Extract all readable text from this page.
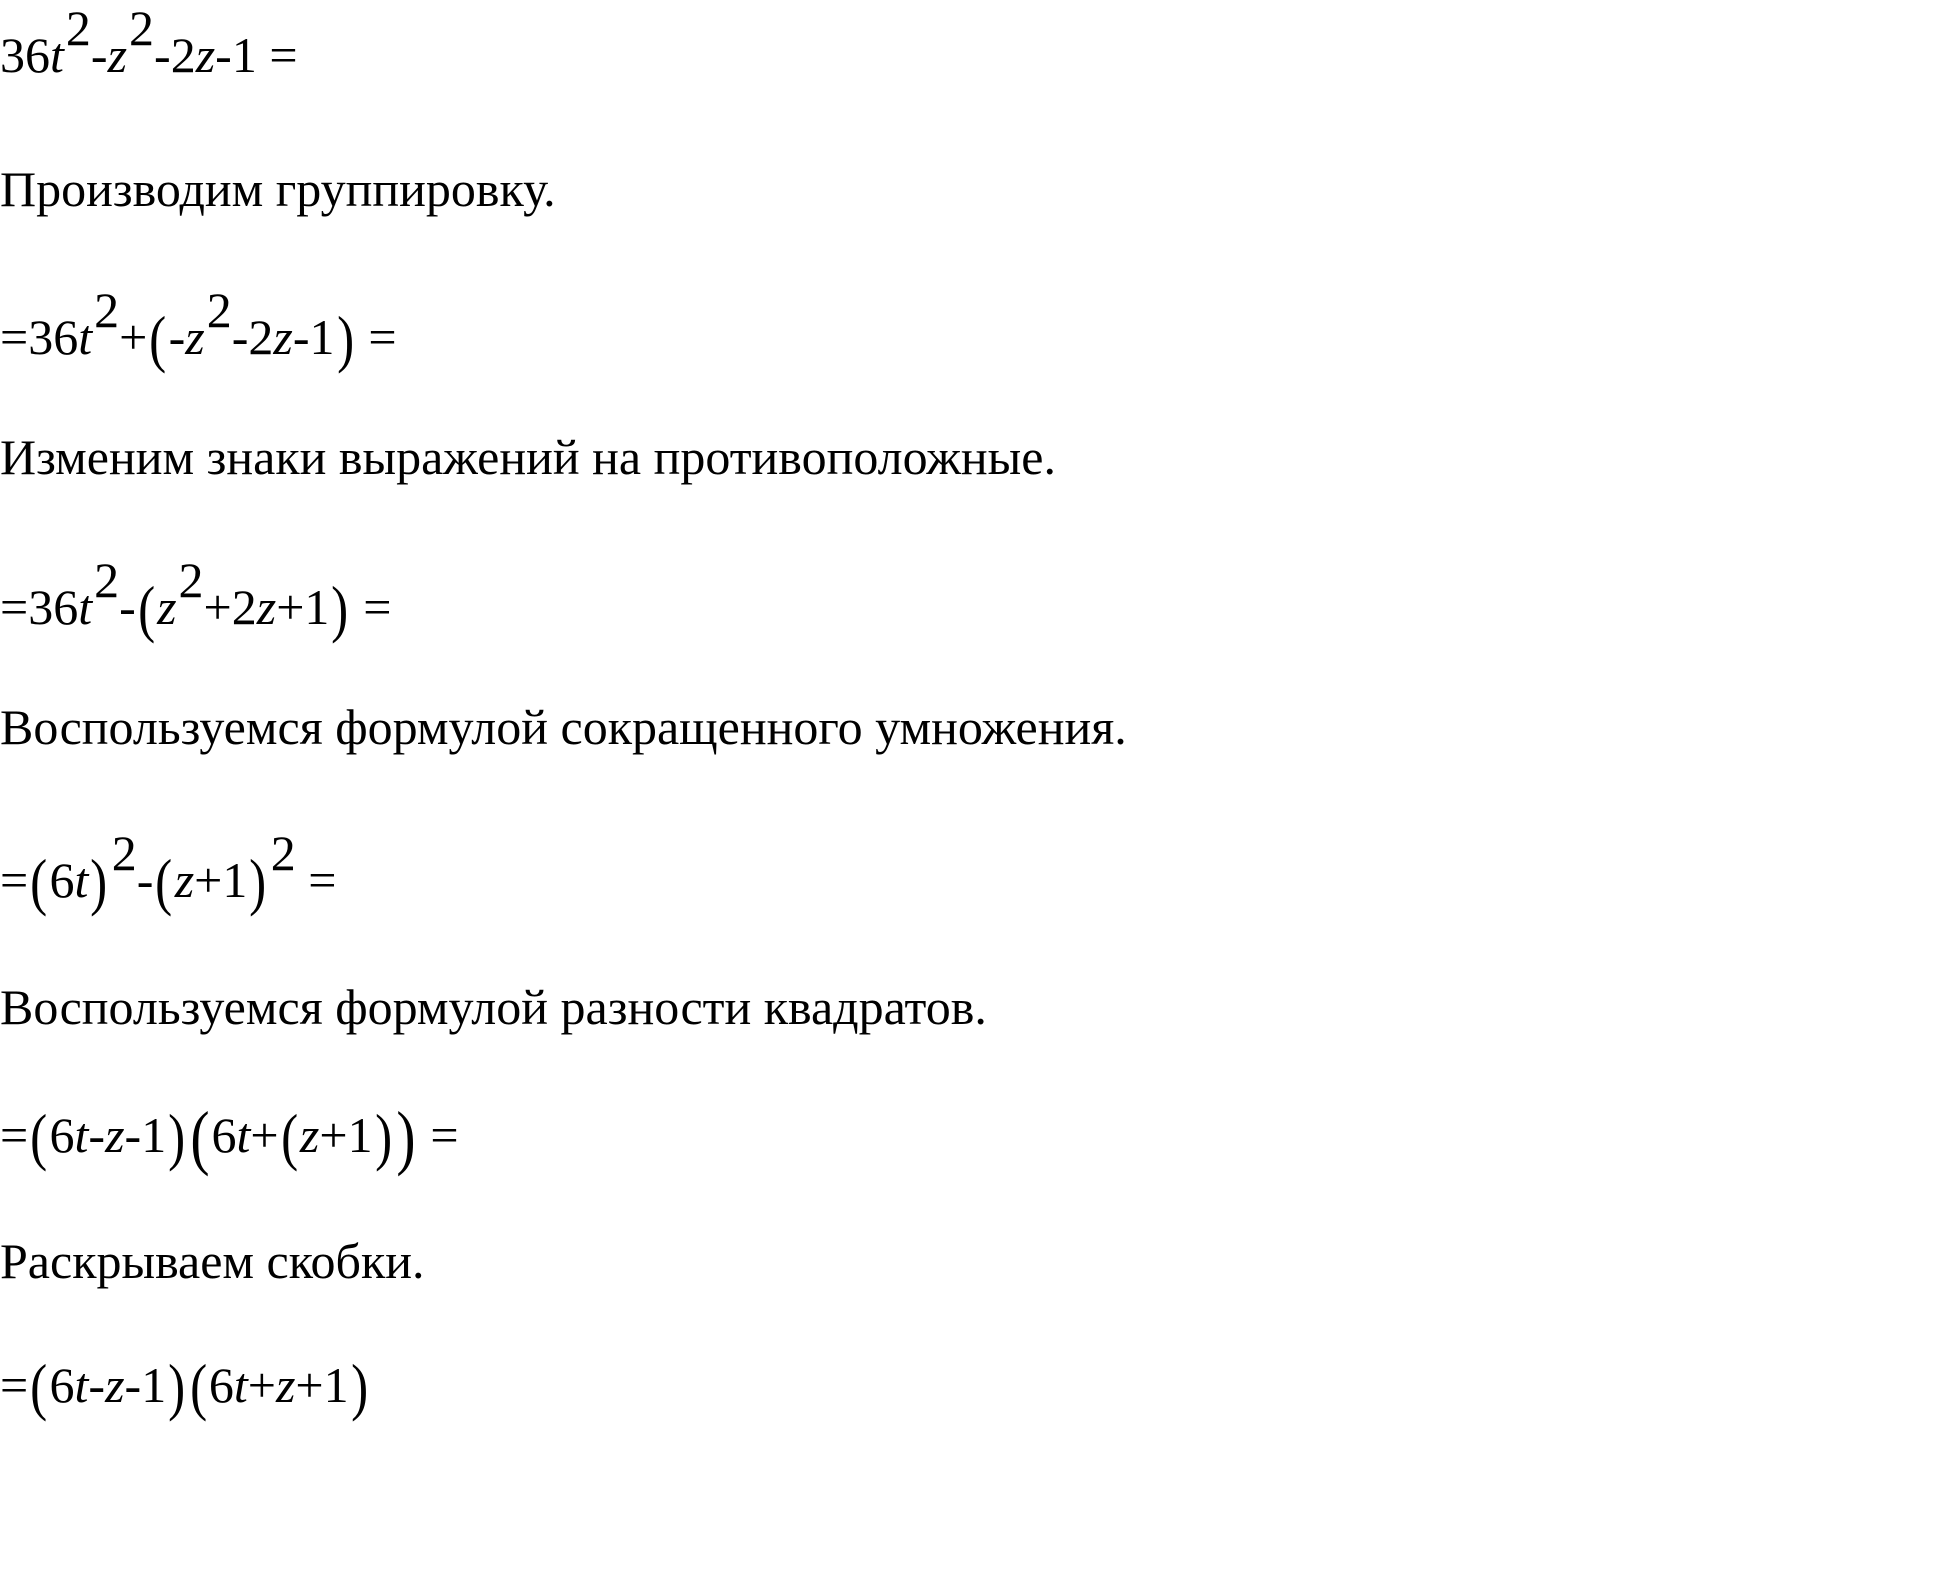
$36t^2-z^2-2z-1$ =
Производим группировку.
$=36t^2+(-z^2-2z-1)$ =
Изменим знаки выражений на противоположные.
$=36t^2-(z^2+2z+1)$ =
Воспользуемся формулой сокращенного умножения.
$=(6t)^2-(z+1)^2$ =
Воспользуемся формулой разности квадратов.
=(6t-z-1)(6t+(z+1)) =
Раскрываем скобки.
=(6t-z-1)(6t+z+1)
